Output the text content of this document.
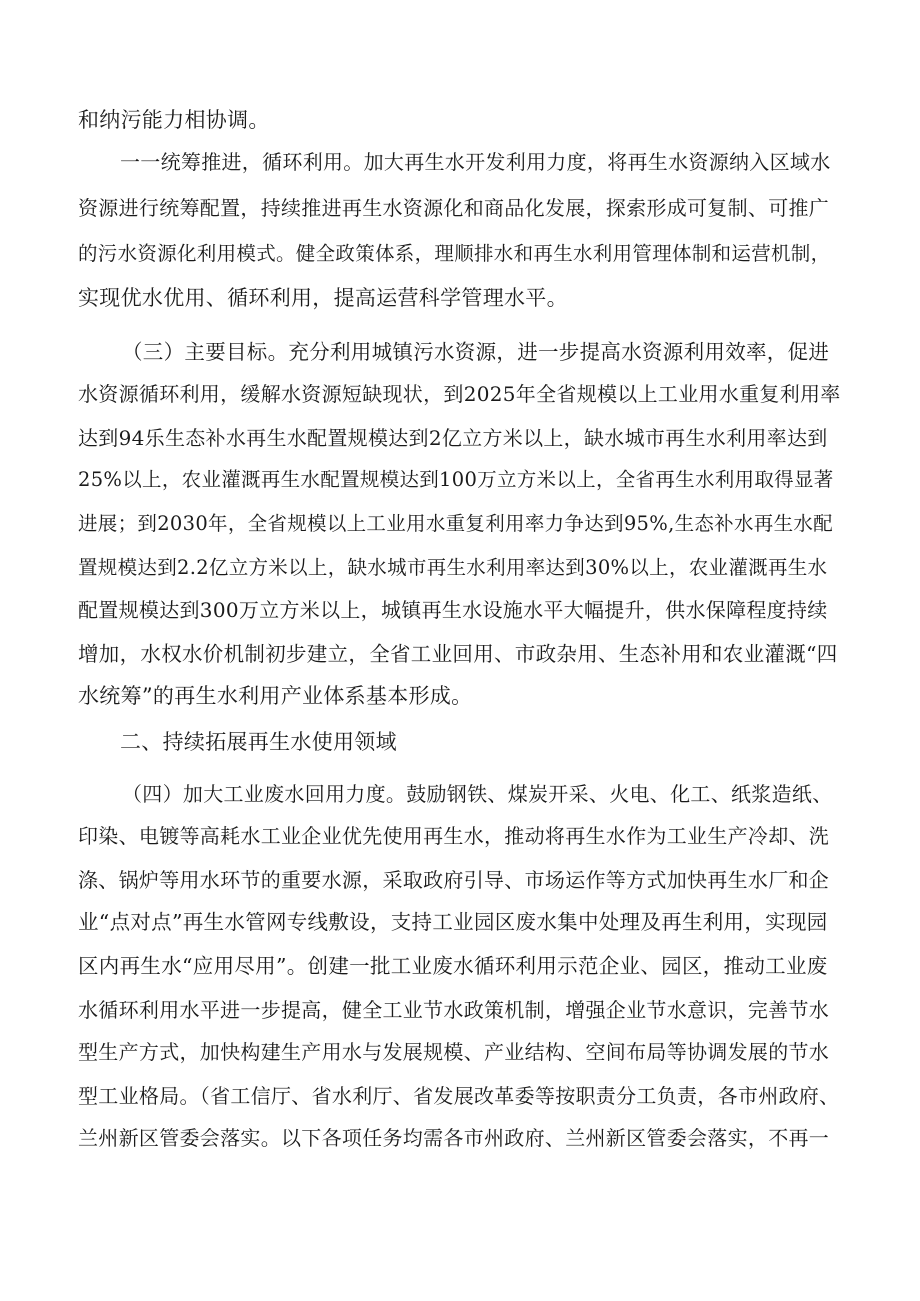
和纳污能力相协调。
一一统筹推进，循环利用。加大再生水开发利用力度，将再生水资源纳入区域水
资源进行统筹配置，持续推进再生水资源化和商品化发展，探索形成可复制、可推广
的污水资源化利用模式。健全政策体系，理顺排水和再生水利用管理体制和运营机制，
实现优水优用、循环利用，提高运营科学管理水平。
（三）主要目标。充分利用城镇污水资源，进一步提高水资源利用效率，促进
水资源循环利用，缓解水资源短缺现状，到2025年全省规模以上工业用水重复利用率
达到94乐生态补水再生水配置规模达到2亿立方米以上，缺水城市再生水利用率达到
25%以上，农业灌溉再生水配置规模达到100万立方米以上，全省再生水利用取得显著
进展；到2030年，全省规模以上工业用水重复利用率力争达到95%,生态补水再生水配
置规模达到2.2亿立方米以上，缺水城市再生水利用率达到30%以上，农业灌溉再生水
配置规模达到300万立方米以上，城镇再生水设施水平大幅提升，供水保障程度持续
增加，水权水价机制初步建立，全省工业回用、市政杂用、生态补用和农业灌溉“四
水统筹”的再生水利用产业体系基本形成。
二、持续拓展再生水使用领域
（四）加大工业废水回用力度。鼓励钢铁、煤炭开采、火电、化工、纸浆造纸、
印染、电镀等高耗水工业企业优先使用再生水，推动将再生水作为工业生产冷却、洗
涤、锅炉等用水环节的重要水源，采取政府引导、市场运作等方式加快再生水厂和企
业“点对点”再生水管网专线敷设，支持工业园区废水集中处理及再生利用，实现园
区内再生水“应用尽用”。创建一批工业废水循环利用示范企业、园区，推动工业废
水循环利用水平进一步提高，健全工业节水政策机制，增强企业节水意识，完善节水
型生产方式，加快构建生产用水与发展规模、产业结构、空间布局等协调发展的节水
型工业格局。（省工信厅、省水利厅、省发展改革委等按职责分工负责，各市州政府、
兰州新区管委会落实。以下各项任务均需各市州政府、兰州新区管委会落实，不再一
